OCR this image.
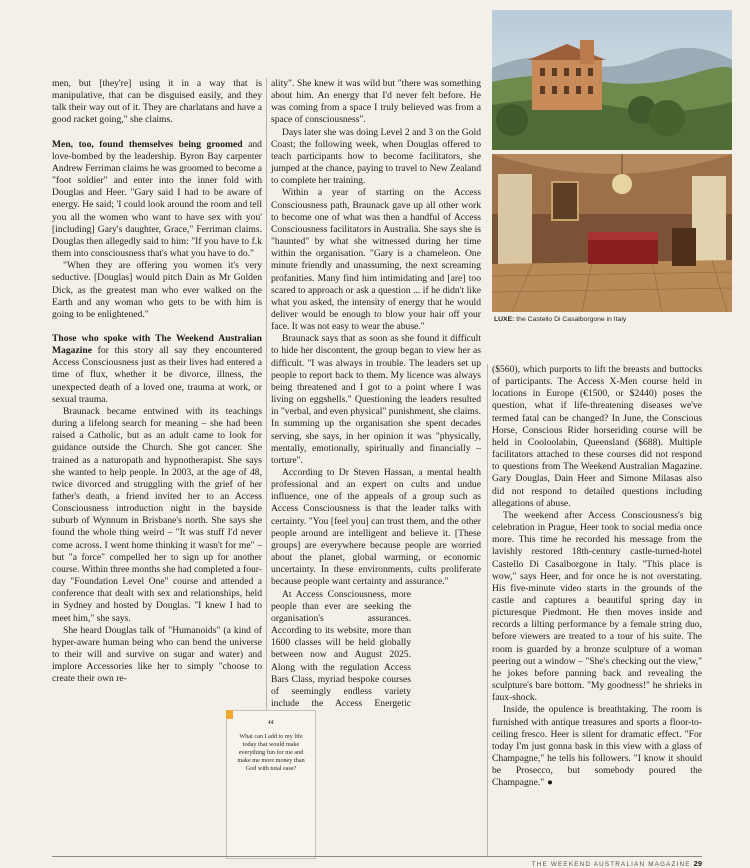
men, but [they're] using it in a way that is manipulative, that can be disguised easily, and they talk their way out of it. They are charlatans and have a good racket going," she claims.

Men, too, found themselves being groomed and love-bombed by the leadership. Byron Bay carpenter Andrew Ferriman claims he was groomed to become a "foot soldier" and enter into the inner fold with Douglas and Heer. "Gary said I had to be aware of energy. He said; 'I could look around the room and tell you all the women who want to have sex with you' [including] Gary's daughter, Grace," Ferriman claims. Douglas then allegedly said to him: "If you have to f.k them into consciousness that's what you have to do."

"When they are offering you women it's very seductive. [Douglas] would pitch Dain as Mr Golden Dick, as the greatest man who ever walked on the Earth and any woman who gets to be with him is going to be enlightened."

Those who spoke with The Weekend Australian Magazine for this story all say they encountered Access Consciousness just as their lives had entered a time of flux, whether it be divorce, illness, the unexpected death of a loved one, trauma at work, or sexual trauma.

Braunack became entwined with its teachings during a lifelong search for meaning – she had been raised a Catholic, but as an adult came to look for guidance outside the Church. She got cancer. She trained as a naturopath and hypnotherapist. She says she wanted to help people. In 2003, at the age of 48, twice divorced and struggling with the grief of her father's death, a friend invited her to an Access Consciousness introduction night in the bayside suburb of Wynnum in Brisbane's north. She says she found the whole thing weird – "It was stuff I'd never come across. I went home thinking it wasn't for me" – but "a force" compelled her to sign up for another course. Within three months she had completed a four-day "Foundation Level One" course and attended a conference that dealt with sex and relationships, held in Sydney and hosted by Douglas. "I knew I had to meet him," she says.

She heard Douglas talk of "Humanoids" (a kind of hyper-aware human being who can bend the universe to their will and survive on sugar and water) and implore Accessories like her to simply "choose to create their own re-

ality". She knew it was wild but "there was something about him. An energy that I'd never felt before. He was coming from a space I truly believed was from a space of consciousness".

Days later she was doing Level 2 and 3 on the Gold Coast; the following week, when Douglas offered to teach participants how to become facilitators, she jumped at the chance, paying to travel to New Zealand to complete her training.

Within a year of starting on the Access Consciousness path, Braunack gave up all other work to become one of what was then a handful of Access Consciousness facilitators in Australia. She says she is "haunted" by what she witnessed during her time within the organisation. "Gary is a chameleon. One minute friendly and unassuming, the next screaming profanities. Many find him intimidating and [are] too scared to approach or ask a question ... if he didn't like what you asked, the intensity of energy that he would deliver would be enough to blow your hair off your face. It was not easy to wear the abuse."

Braunack says that as soon as she found it difficult to hide her discontent, the group began to view her as difficult. "I was always in trouble. The leaders set up people to report back to them. My licence was always being threatened and I got to a point where I was living on eggshells." Questioning the leaders resulted in "verbal, and even physical" punishment, she claims. In summing up the organisation she spent decades serving, she says, in her opinion it was "physically, mentally, emotionally, spiritually and financially – torture".

According to Dr Steven Hassan, a mental health professional and an expert on cults and undue influence, one of the appeals of a group such as Access Consciousness is that the leader talks with certainty. "You [feel you] can trust them, and the other people around are intelligent and believe it. [These groups] are everywhere because people are worried about the planet, global warming, or economic uncertainty. In these environments, cults proliferate because people want certainty and assurance."

At Access Consciousness, more people than ever are seeking the organisation's assurances. According to its website, more than 1600 classes will be held globally between now and August 2025. Along with the regulation Access Bars Class, myriad bespoke courses of seemingly endless variety include the Access Energetic

($560), which purports to lift the breasts and buttocks of participants. The Access X-Men course held in locations in Europe (€1500, or $2440) poses the question, what if life-threatening diseases we've termed fatal can be changed? In June, the Conscious Horse, Conscious Rider horseriding course will be held in Cooloolabin, Queensland ($688). Multiple facilitators attached to these courses did not respond to questions from The Weekend Australian Magazine. Gary Douglas, Dain Heer and Simone Milasas also did not respond to detailed questions including allegations of abuse.

The weekend after Access Consciousness's big celebration in Prague, Heer took to social media once more. This time he recorded his message from the lavishly restored 18th-century castle-turned-hotel Castello Di Casalborgone in Italy. "This place is wow," says Heer, and for once he is not overstating. His five-minute video starts in the grounds of the castle and captures a beautiful spring day in picturesque Piedmont. He then moves inside and records a lilting performance by a female string duo, before viewers are treated to a tour of his suite. The room is guarded by a bronze sculpture of a woman peering out a window – "She's checking out the view," he jokes before panning back and revealing the sculpture's bare bottom. "My goodness!" he shrieks in faux-shock.

Inside, the opulence is breathtaking. The room is furnished with antique treasures and sports a floor-to-ceiling fresco. Heer is silent for dramatic effect. "For today I'm just gonna bask in this view with a glass of Champagne," he tells his followers. "I know it should be Prosecco, but somebody poured the Champagne." ●

LUXE: the Castello Di Casalborgone in Italy
“
What can I add to my life today that would make everything fun for me and make me more money than God with total ease?
THE WEEKEND AUSTRALIAN MAGAZINE 29
